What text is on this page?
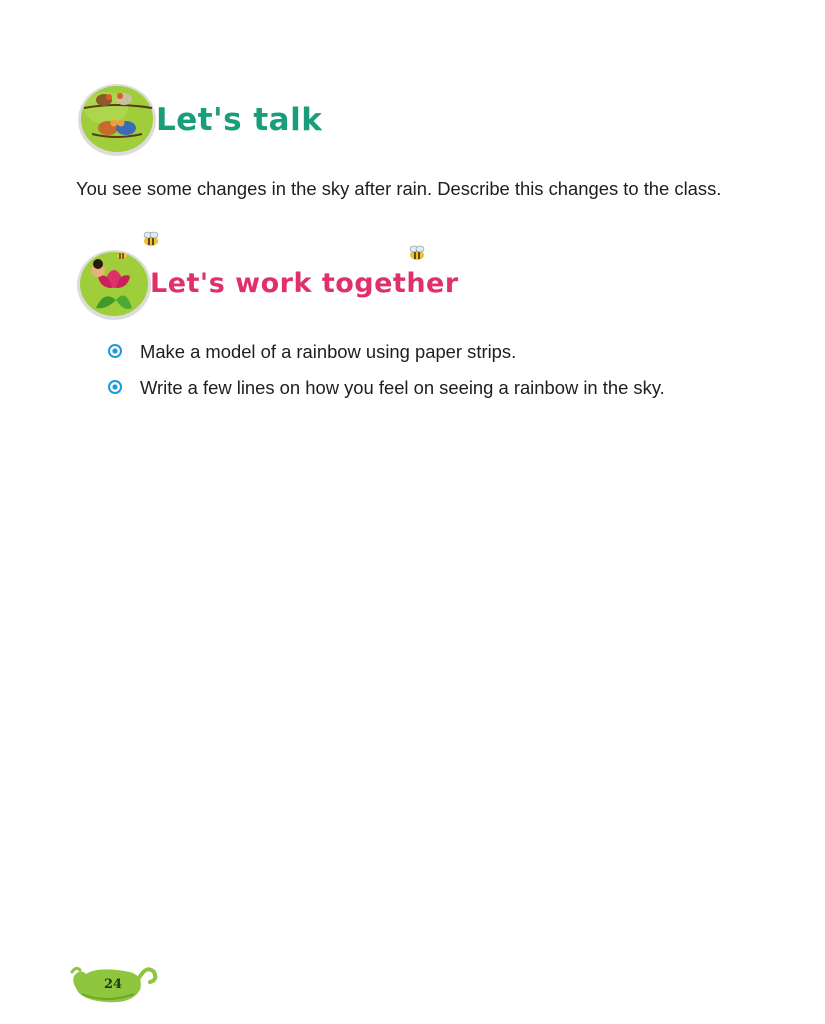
Let's talk
You see some changes in the sky after rain. Describe this changes to the class.
Let's work together
Make a model of a rainbow using paper strips.
Write a few lines on how you feel on seeing a rainbow in the sky.
24
